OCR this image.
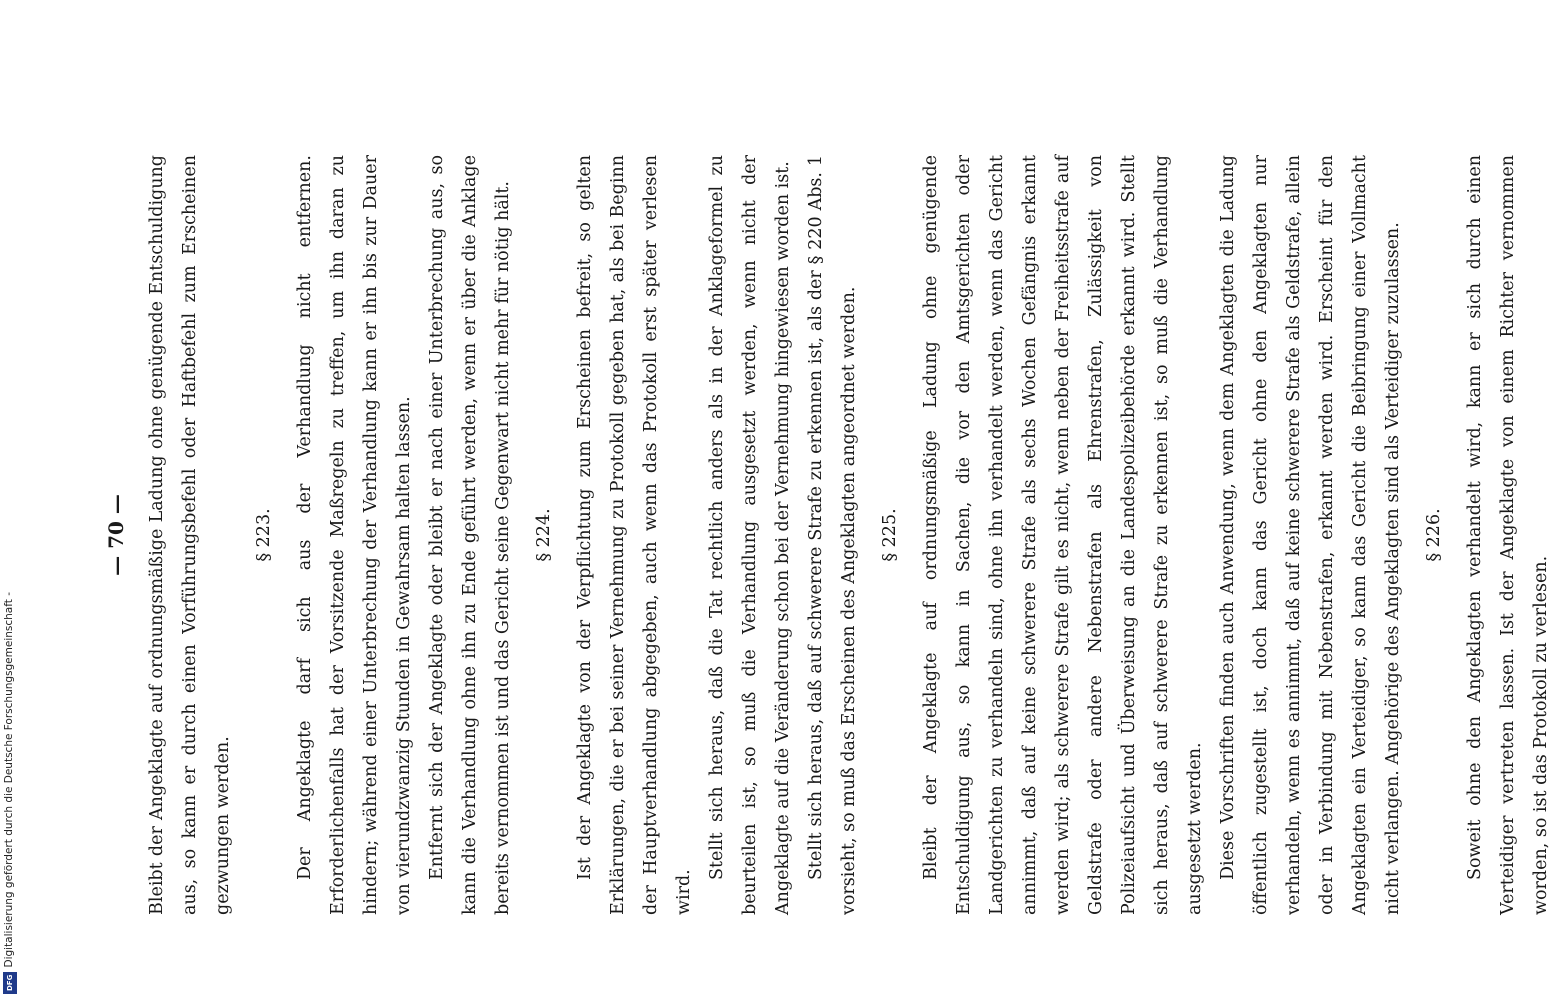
DFG
Digitalisierung gefördert durch die Deutsche Forschungsgemeinschaft -
— 70 —	Bleibt der Angeklagte auf ordnungsmäßige Ladung ohne genügende Entschuldigung aus, so kann er durch einen Vorführungsbefehl oder Haftbefehl zum Erscheinen gezwungen werden.

§ 223.	Der Angeklagte darf sich aus der Verhandlung nicht entfernen. Erforderlichenfalls hat der Vorsitzende Maßregeln zu treffen, um ihn daran zu hindern; während einer Unterbrechung der Verhandlung kann er ihn bis zur Dauer von vierundzwanzig Stunden in Gewahrsam halten lassen. Entfernt sich der Angeklagte oder bleibt er nach einer Unterbrechung aus, so kann die Verhandlung ohne ihn zu Ende geführt werden, wenn er über die Anklage bereits vernommen ist und das Gericht seine Gegenwart nicht mehr für nötig hält.	§ 224.	Ist der Angeklagte von der Verpflichtung zum Erscheinen befreit, so gelten Erklärungen, die er bei seiner Vernehmung zu Protokoll gegeben hat, als bei Beginn der Hauptverhandlung abgegeben, auch wenn das Protokoll erst später verlesen wird.

Stellt sich heraus, daß die Tat rechtlich anders als in der Anklageformel zu beurteilen ist, so muß die Verhandlung ausgesetzt werden, wenn nicht der Angeklagte auf die Veränderung schon bei der Vernehmung hingewiesen worden ist. Stellt sich heraus, daß auf schwerere Strafe zu erkennen ist, als der § 220 Abs. 1 vorsieht, so muß das Erscheinen des Angeklagten angeordnet werden.	§ 225.	Bleibt der Angeklagte auf ordnungsmäßige Ladung ohne genügende Entschuldigung aus, so kann in Sachen, die vor den Amtsgerichten oder Landgerichten zu verhandeln sind, ohne ihn verhandelt werden, wenn das Gericht annimmt, daß auf keine schwerere Strafe als sechs Wochen Gefängnis erkannt werden wird; als schwerere Strafe gilt es nicht, wenn neben der Freiheitsstrafe auf Geldstrafe oder andere Nebenstrafen als Ehrenstrafen, Zulässigkeit von Polizeiaufsicht und Überweisung an die Landespolizeibehörde erkannt wird. Stellt sich heraus, daß auf schwerere Strafe zu erkennen ist, so muß die Verhandlung ausgesetzt werden. Diese Vorschriften finden auch Anwendung, wenn dem Angeklagten die Ladung öffentlich zugestellt ist, doch kann das Gericht ohne den Angeklagten nur verhandeln, wenn es annimmt, daß auf keine schwerere Strafe als Geldstrafe, allein oder in Verbindung mit Nebenstrafen, erkannt werden wird. Erscheint für den Angeklagten ein Verteidiger, so kann das Gericht die Beibringung einer Vollmacht nicht verlangen. Angehörige des Angeklagten sind als Verteidiger zuzulassen.	§ 226.	Soweit ohne den Angeklagten verhandelt wird, kann er sich durch einen Verteidiger vertreten lassen. Ist der Angeklagte von einem Richter vernommen worden, so ist das Protokoll zu verlesen.
